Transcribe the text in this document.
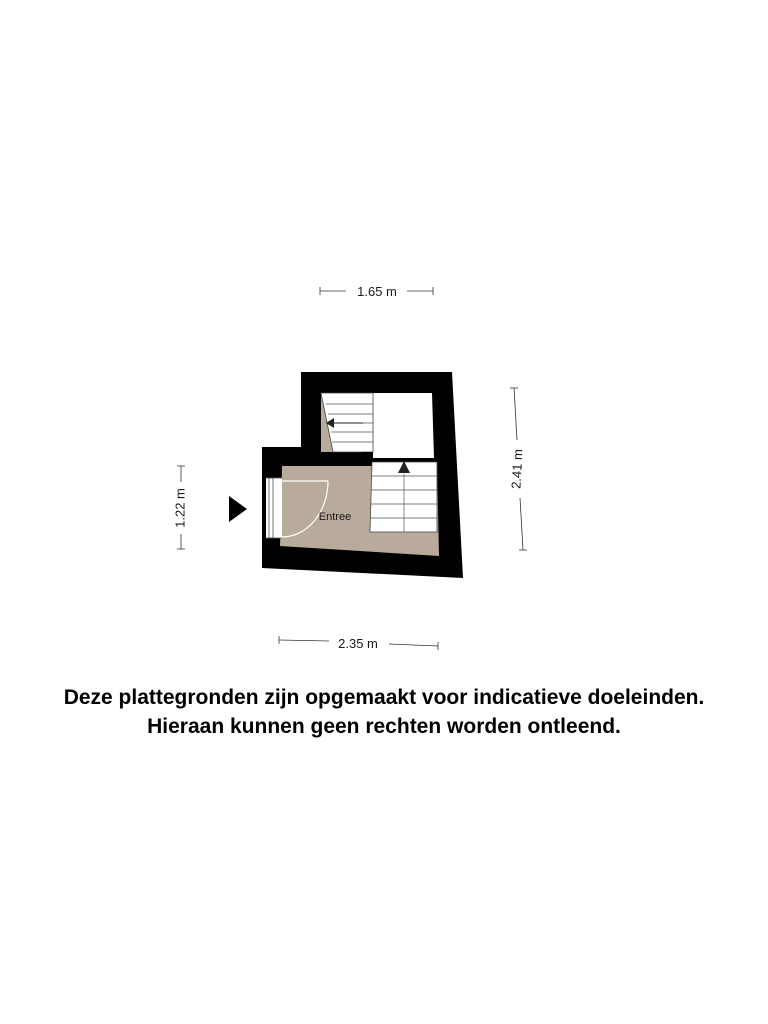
Entree
1.65 m
2.35 m
1.22 m
2.41 m
Deze plattegronden zijn opgemaakt voor indicatieve doeleinden.
Hieraan kunnen geen rechten worden ontleend.
